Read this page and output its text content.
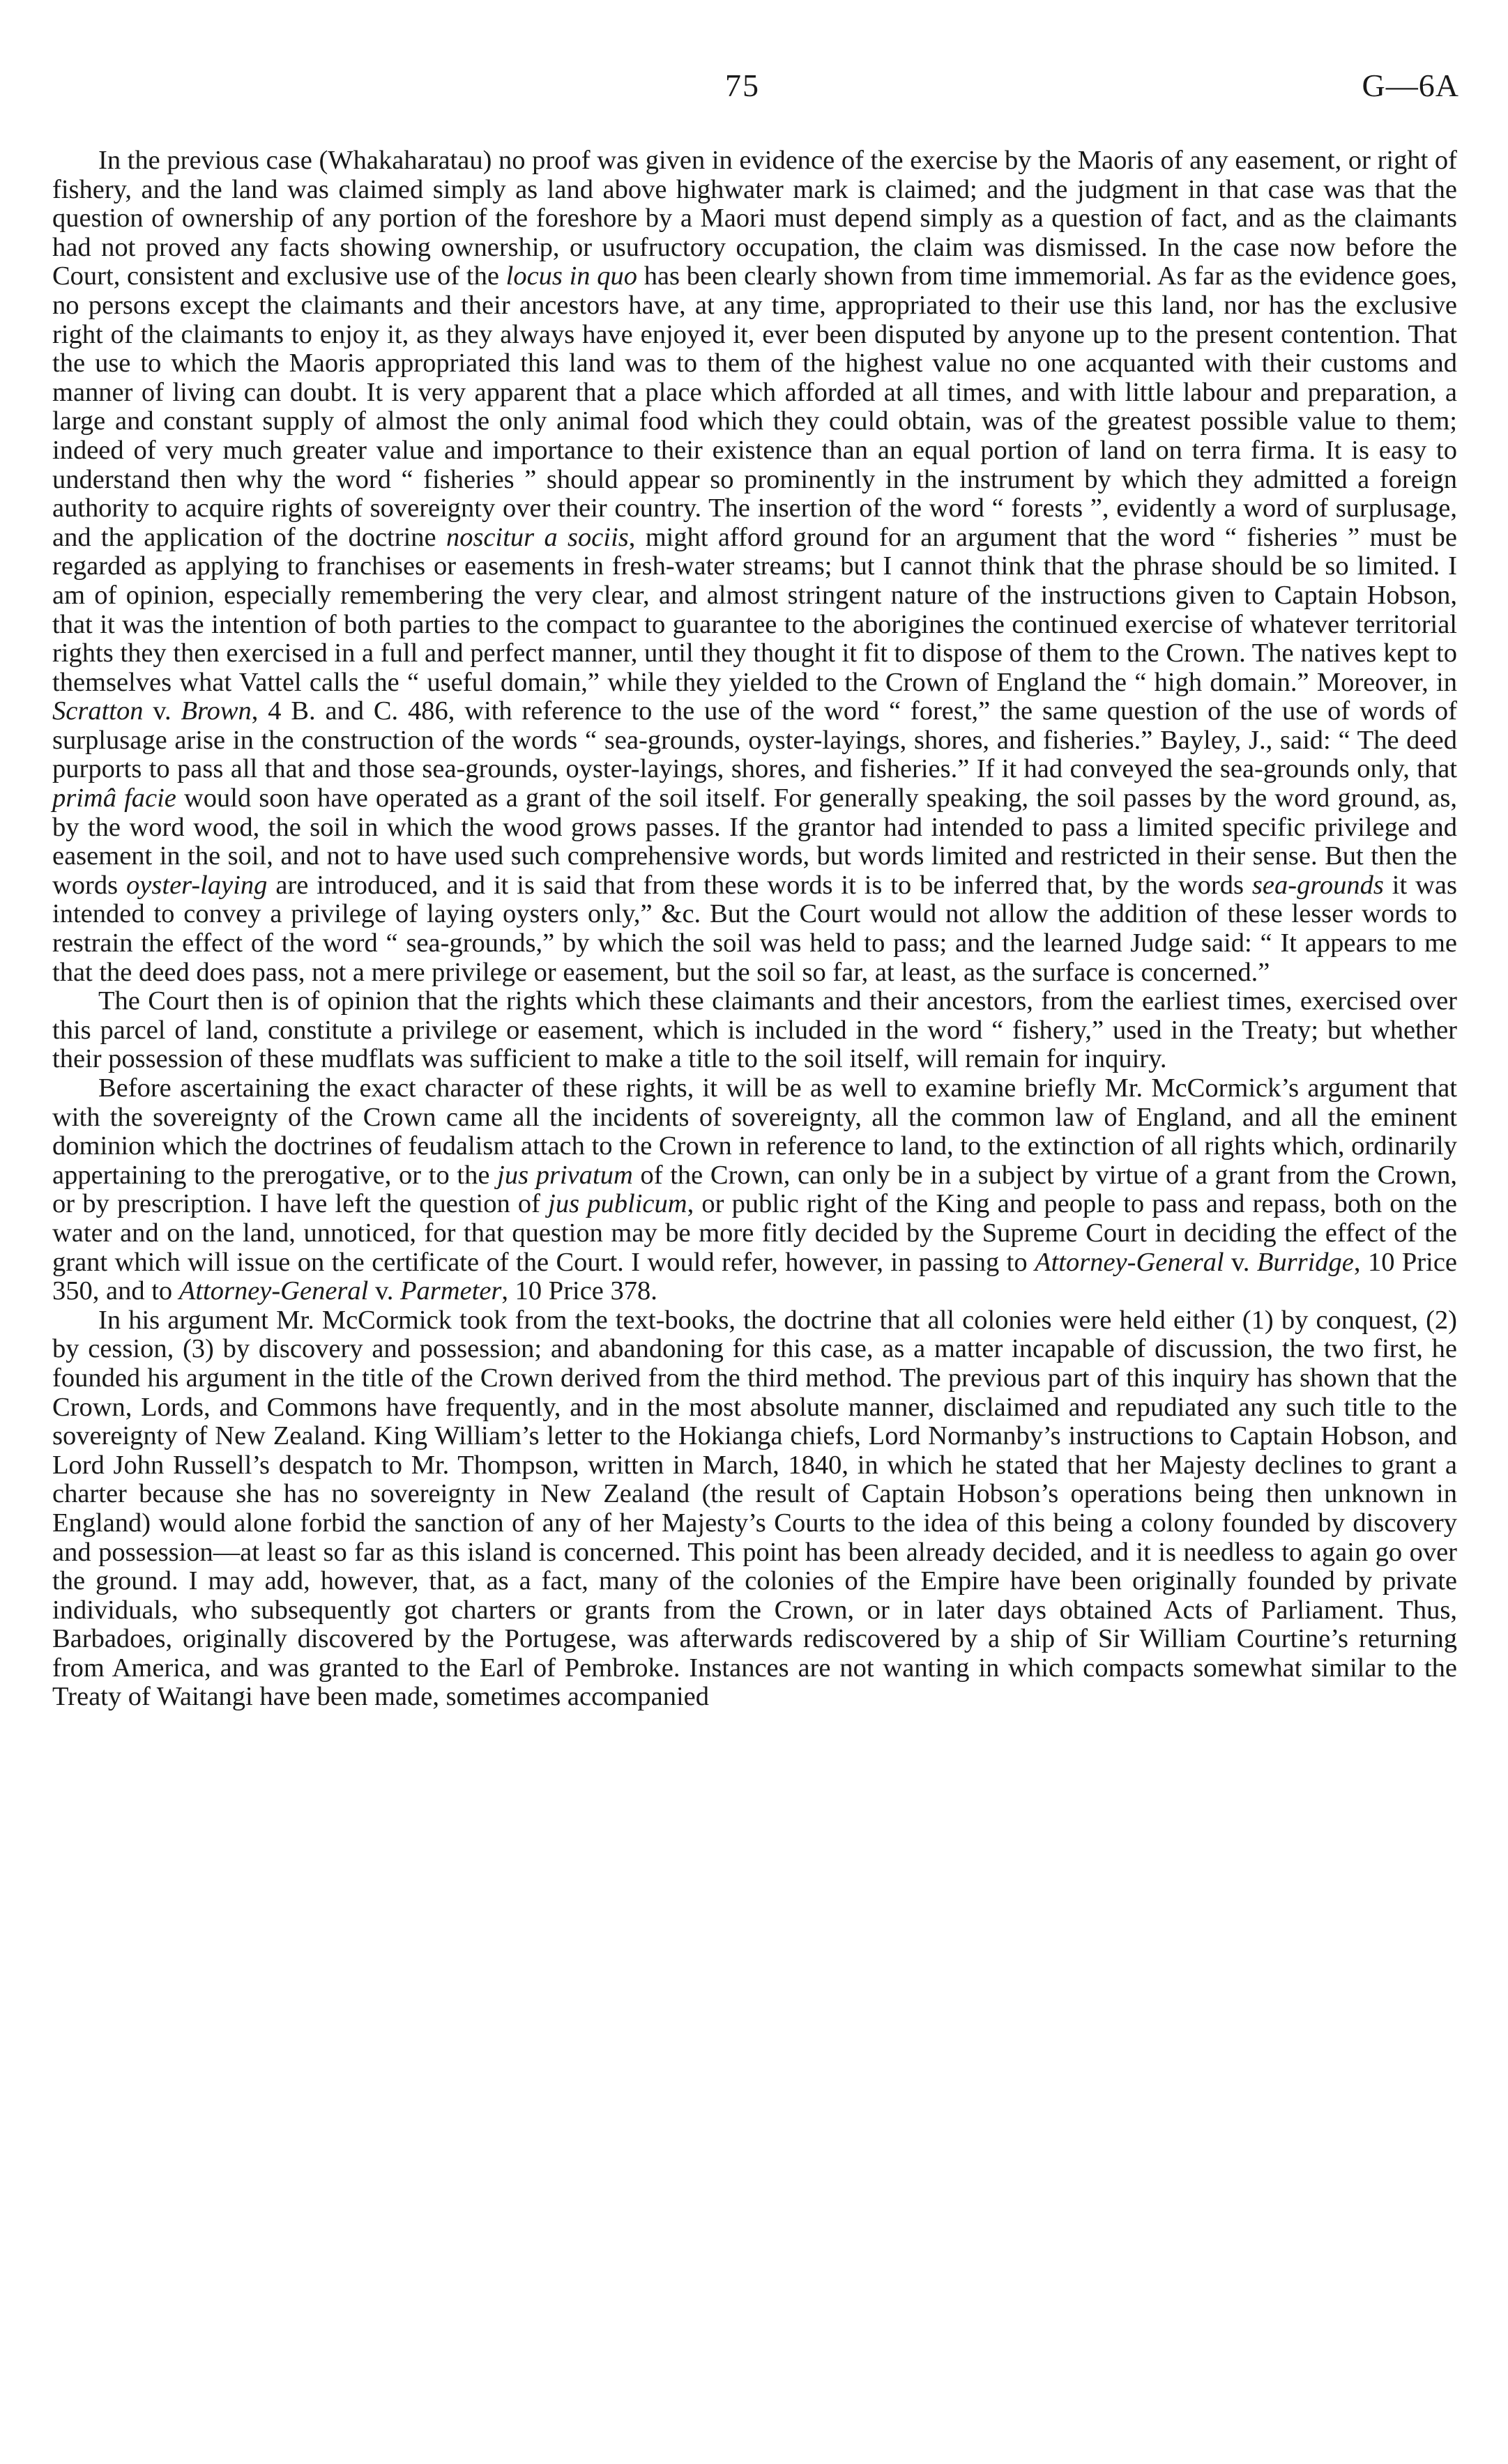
75	G—6A

In the previous case (Whakaharatau) no proof was given in evidence of the exercise by the Maoris of any easement, or right of fishery, and the land was claimed simply as land above highwater mark is claimed; and the judgment in that case was that the question of ownership of any portion of the foreshore by a Maori must depend simply as a question of fact, and as the claimants had not proved any facts showing ownership, or usufructory occupation, the claim was dismissed. In the case now before the Court, consistent and exclusive use of the locus in quo has been clearly shown from time immemorial. As far as the evidence goes, no persons except the claimants and their ancestors have, at any time, appropriated to their use this land, nor has the exclusive right of the claimants to enjoy it, as they always have enjoyed it, ever been disputed by anyone up to the present contention. That the use to which the Maoris appropriated this land was to them of the highest value no one acquanted with their customs and manner of living can doubt. It is very apparent that a place which afforded at all times, and with little labour and preparation, a large and constant supply of almost the only animal food which they could obtain, was of the greatest possible value to them; indeed of very much greater value and importance to their existence than an equal portion of land on terra firma. It is easy to understand then why the word “ fisheries ” should appear so prominently in the instrument by which they admitted a foreign authority to acquire rights of sovereignty over their country. The insertion of the word “ forests ”, evidently a word of surplusage, and the application of the doctrine noscitur a sociis, might afford ground for an argument that the word “ fisheries ” must be regarded as applying to franchises or easements in fresh-water streams; but I cannot think that the phrase should be so limited. I am of opinion, especially remembering the very clear, and almost stringent nature of the instructions given to Captain Hobson, that it was the intention of both parties to the compact to guarantee to the aborigines the continued exercise of whatever territorial rights they then exercised in a full and perfect manner, until they thought it fit to dispose of them to the Crown. The natives kept to themselves what Vattel calls the “ useful domain,” while they yielded to the Crown of England the “ high domain.” Moreover, in Scratton v. Brown, 4 B. and C. 486, with reference to the use of the word “ forest,” the same question of the use of words of surplusage arise in the construction of the words “ sea-grounds, oyster-layings, shores, and fisheries.” Bayley, J., said: “ The deed purports to pass all that and those sea-grounds, oyster-layings, shores, and fisheries.” If it had conveyed the sea-grounds only, that primâ facie would soon have operated as a grant of the soil itself. For generally speaking, the soil passes by the word ground, as, by the word wood, the soil in which the wood grows passes. If the grantor had intended to pass a limited specific privilege and easement in the soil, and not to have used such comprehensive words, but words limited and restricted in their sense. But then the words oyster-laying are introduced, and it is said that from these words it is to be inferred that, by the words sea-grounds it was intended to convey a privilege of laying oysters only,” &c. But the Court would not allow the addition of these lesser words to restrain the effect of the word “ sea-grounds,” by which the soil was held to pass; and the learned Judge said: “ It appears to me that the deed does pass, not a mere privilege or easement, but the soil so far, at least, as the surface is concerned.”

The Court then is of opinion that the rights which these claimants and their ancestors, from the earliest times, exercised over this parcel of land, constitute a privilege or easement, which is included in the word “ fishery,” used in the Treaty; but whether their possession of these mudflats was sufficient to make a title to the soil itself, will remain for inquiry.

Before ascertaining the exact character of these rights, it will be as well to examine briefly Mr. McCormick’s argument that with the sovereignty of the Crown came all the incidents of sovereignty, all the common law of England, and all the eminent dominion which the doctrines of feudalism attach to the Crown in reference to land, to the extinction of all rights which, ordinarily appertaining to the prerogative, or to the jus privatum of the Crown, can only be in a subject by virtue of a grant from the Crown, or by prescription. I have left the question of jus publicum, or public right of the King and people to pass and repass, both on the water and on the land, unnoticed, for that question may be more fitly decided by the Supreme Court in deciding the effect of the grant which will issue on the certificate of the Court. I would refer, however, in passing to Attorney-General v. Burridge, 10 Price 350, and to Attorney-General v. Parmeter, 10 Price 378.

In his argument Mr. McCormick took from the text-books, the doctrine that all colonies were held either (1) by conquest, (2) by cession, (3) by discovery and possession; and abandoning for this case, as a matter incapable of discussion, the two first, he founded his argument in the title of the Crown derived from the third method. The previous part of this inquiry has shown that the Crown, Lords, and Commons have frequently, and in the most absolute manner, disclaimed and repudiated any such title to the sovereignty of New Zealand. King William’s letter to the Hokianga chiefs, Lord Normanby’s instructions to Captain Hobson, and Lord John Russell’s despatch to Mr. Thompson, written in March, 1840, in which he stated that her Majesty declines to grant a charter because she has no sovereignty in New Zealand (the result of Captain Hobson’s operations being then unknown in England) would alone forbid the sanction of any of her Majesty’s Courts to the idea of this being a colony founded by discovery and possession—at least so far as this island is concerned. This point has been already decided, and it is needless to again go over the ground. I may add, however, that, as a fact, many of the colonies of the Empire have been originally founded by private individuals, who subsequently got charters or grants from the Crown, or in later days obtained Acts of Parliament. Thus, Barbadoes, originally discovered by the Portugese, was afterwards rediscovered by a ship of Sir William Courtine’s returning from America, and was granted to the Earl of Pembroke. Instances are not wanting in which compacts somewhat similar to the Treaty of Waitangi have been made, sometimes accompanied
